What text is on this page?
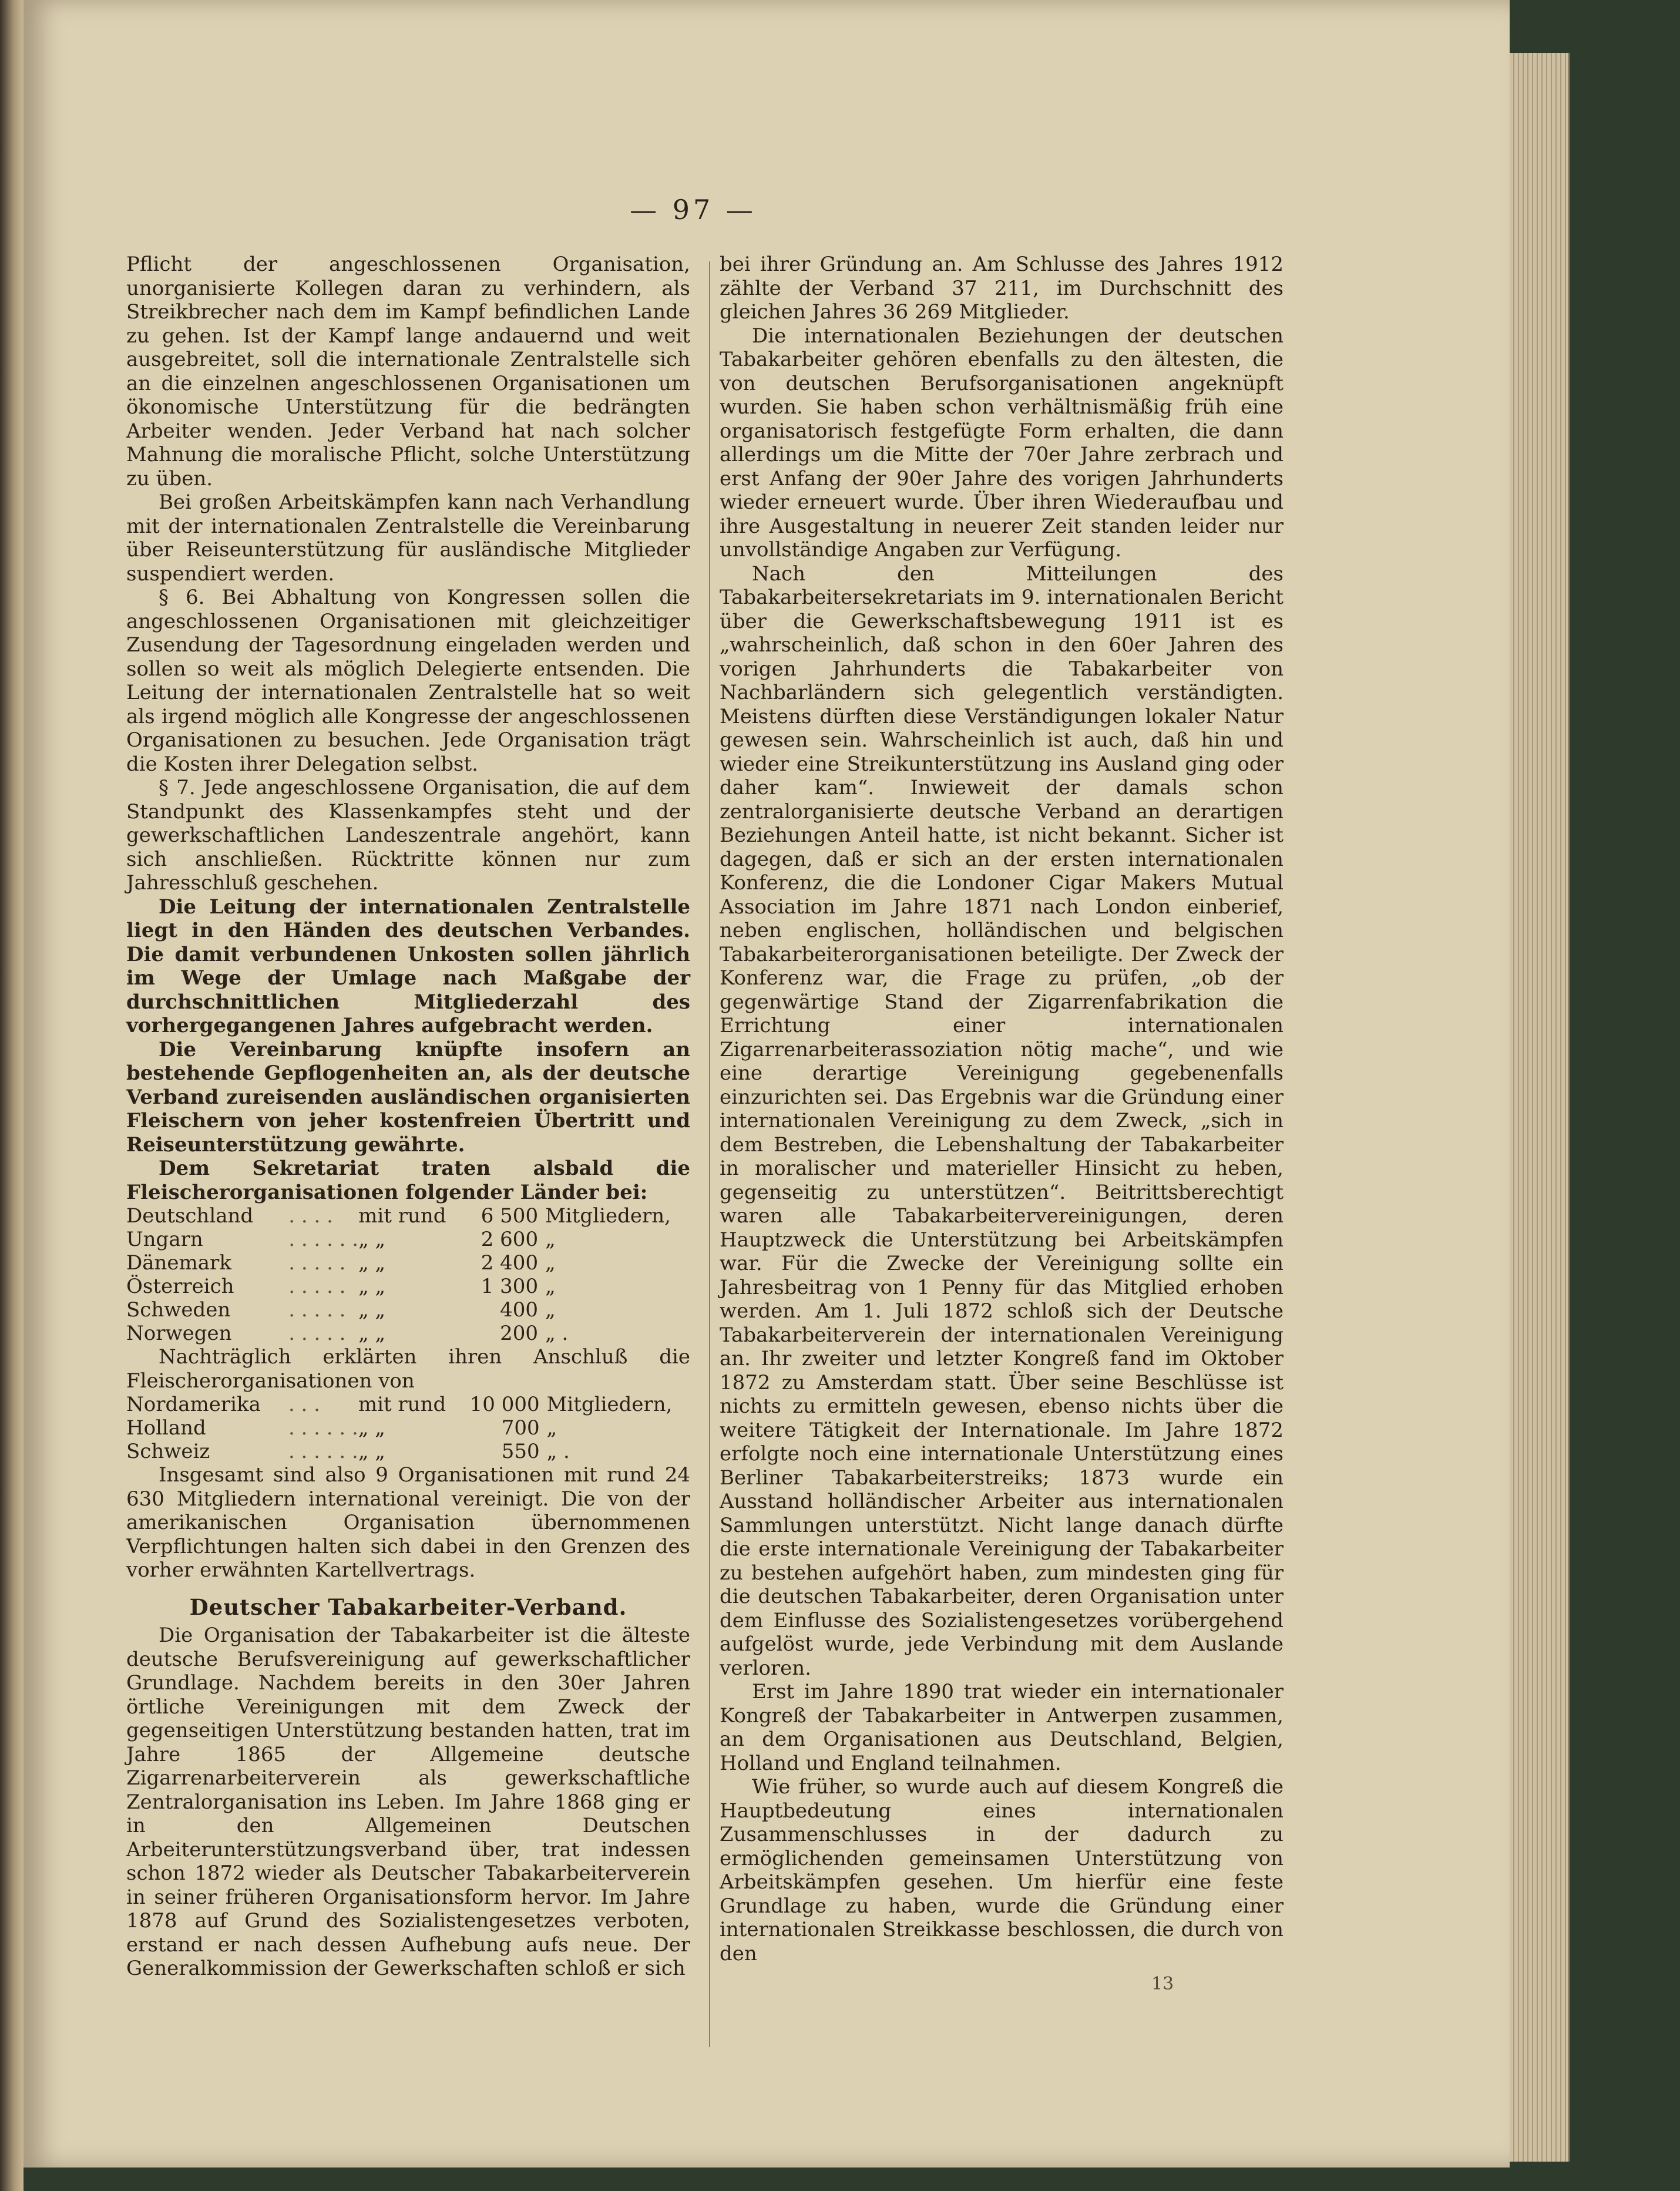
— 97 —

Pflicht der angeschlossenen Organisation, unorganisierte Kollegen daran zu verhindern, als Streikbrecher nach dem im Kampf befindlichen Lande zu gehen. Ist der Kampf lange andauernd und weit ausgebreitet, soll die internationale Zentralstelle sich an die einzelnen angeschlossenen Organisationen um ökonomische Unterstützung für die bedrängten Arbeiter wenden. Jeder Verband hat nach solcher Mahnung die moralische Pflicht, solche Unterstützung zu üben.

Bei großen Arbeitskämpfen kann nach Verhandlung mit der internationalen Zentralstelle die Vereinbarung über Reiseunterstützung für ausländische Mitglieder suspendiert werden.

§ 6. Bei Abhaltung von Kongressen sollen die angeschlossenen Organisationen mit gleichzeitiger Zusendung der Tagesordnung eingeladen werden und sollen so weit als möglich Delegierte entsenden. Die Leitung der internationalen Zentralstelle hat so weit als irgend möglich alle Kongresse der angeschlossenen Organisationen zu besuchen. Jede Organisation trägt die Kosten ihrer Delegation selbst.

§ 7. Jede angeschlossene Organisation, die auf dem Standpunkt des Klassenkampfes steht und der gewerkschaftlichen Landeszentrale angehört, kann sich anschließen. Rücktritte können nur zum Jahresschluß geschehen.

Die Leitung der internationalen Zentralstelle liegt in den Händen des deutschen Verbandes. Die damit verbundenen Unkosten sollen jährlich im Wege der Umlage nach Maßgabe der durchschnittlichen Mitgliederzahl des vorhergegangenen Jahres aufgebracht werden.

Die Vereinbarung knüpfte insofern an bestehende Gepflogenheiten an, als der deutsche Verband zureisenden ausländischen organisierten Fleischern von jeher kostenfreien Übertritt und Reiseunterstützung gewährte.

Dem Sekretariat traten alsbald die Fleischerorganisationen folgender Länder bei:

Deutschland	. . . .	mit rund	6 500	Mitgliedern,
Ungarn	. . . . . .	„ „	2 600	„
Dänemark	. . . . .	„ „	2 400	„
Österreich	. . . . .	„ „	1 300	„
Schweden	. . . . .	„ „	400	„
Norwegen	. . . . .	„ „	200	„ .

Nachträglich erklärten ihren Anschluß die Fleischerorganisationen von

Nordamerika	. . .	mit rund	10 000	Mitgliedern,
Holland	. . . . . .	„ „	700	„
Schweiz	. . . . . .	„ „	550	„ .

Insgesamt sind also 9 Organisationen mit rund 24 630 Mitgliedern international vereinigt. Die von der amerikanischen Organisation übernommenen Verpflichtungen halten sich dabei in den Grenzen des vorher erwähnten Kartellvertrags.

Deutscher Tabakarbeiter-Verband.

Die Organisation der Tabakarbeiter ist die älteste deutsche Berufsvereinigung auf gewerkschaftlicher Grundlage. Nachdem bereits in den 30er Jahren örtliche Vereinigungen mit dem Zweck der gegenseitigen Unterstützung bestanden hatten, trat im Jahre 1865 der Allgemeine deutsche Zigarrenarbeiterverein als gewerkschaftliche Zentralorganisation ins Leben. Im Jahre 1868 ging er in den Allgemeinen Deutschen Arbeiterunterstützungsverband über, trat indessen schon 1872 wieder als Deutscher Tabakarbeiterverein in seiner früheren Organisationsform hervor. Im Jahre 1878 auf Grund des Sozialistengesetzes verboten, erstand er nach dessen Aufhebung aufs neue. Der Generalkommission der Gewerkschaften schloß er sich

bei ihrer Gründung an. Am Schlusse des Jahres 1912 zählte der Verband 37 211, im Durchschnitt des gleichen Jahres 36 269 Mitglieder.

Die internationalen Beziehungen der deutschen Tabakarbeiter gehören ebenfalls zu den ältesten, die von deutschen Berufsorganisationen angeknüpft wurden. Sie haben schon verhältnismäßig früh eine organisatorisch festgefügte Form erhalten, die dann allerdings um die Mitte der 70er Jahre zerbrach und erst Anfang der 90er Jahre des vorigen Jahrhunderts wieder erneuert wurde. Über ihren Wiederaufbau und ihre Ausgestaltung in neuerer Zeit standen leider nur unvollständige Angaben zur Verfügung.

Nach den Mitteilungen des Tabakarbeitersekretariats im 9. internationalen Bericht über die Gewerkschaftsbewegung 1911 ist es „wahrscheinlich, daß schon in den 60er Jahren des vorigen Jahrhunderts die Tabakarbeiter von Nachbarländern sich gelegentlich verständigten. Meistens dürften diese Verständigungen lokaler Natur gewesen sein. Wahrscheinlich ist auch, daß hin und wieder eine Streikunterstützung ins Ausland ging oder daher kam“. Inwieweit der damals schon zentralorganisierte deutsche Verband an derartigen Beziehungen Anteil hatte, ist nicht bekannt. Sicher ist dagegen, daß er sich an der ersten internationalen Konferenz, die die Londoner Cigar Makers Mutual Association im Jahre 1871 nach London einberief, neben englischen, holländischen und belgischen Tabakarbeiterorganisationen beteiligte. Der Zweck der Konferenz war, die Frage zu prüfen, „ob der gegenwärtige Stand der Zigarrenfabrikation die Errichtung einer internationalen Zigarrenarbeiterassoziation nötig mache“, und wie eine derartige Vereinigung gegebenenfalls einzurichten sei. Das Ergebnis war die Gründung einer internationalen Vereinigung zu dem Zweck, „sich in dem Bestreben, die Lebenshaltung der Tabakarbeiter in moralischer und materieller Hinsicht zu heben, gegenseitig zu unterstützen“. Beitrittsberechtigt waren alle Tabakarbeitervereinigungen, deren Hauptzweck die Unterstützung bei Arbeitskämpfen war. Für die Zwecke der Vereinigung sollte ein Jahresbeitrag von 1 Penny für das Mitglied erhoben werden. Am 1. Juli 1872 schloß sich der Deutsche Tabakarbeiterverein der internationalen Vereinigung an. Ihr zweiter und letzter Kongreß fand im Oktober 1872 zu Amsterdam statt. Über seine Beschlüsse ist nichts zu ermitteln gewesen, ebenso nichts über die weitere Tätigkeit der Internationale. Im Jahre 1872 erfolgte noch eine internationale Unterstützung eines Berliner Tabakarbeiterstreiks; 1873 wurde ein Ausstand holländischer Arbeiter aus internationalen Sammlungen unterstützt. Nicht lange danach dürfte die erste internationale Vereinigung der Tabakarbeiter zu bestehen aufgehört haben, zum mindesten ging für die deutschen Tabakarbeiter, deren Organisation unter dem Einflusse des Sozialistengesetzes vorübergehend aufgelöst wurde, jede Verbindung mit dem Auslande verloren.

Erst im Jahre 1890 trat wieder ein internationaler Kongreß der Tabakarbeiter in Antwerpen zusammen, an dem Organisationen aus Deutschland, Belgien, Holland und England teilnahmen.

Wie früher, so wurde auch auf diesem Kongreß die Hauptbedeutung eines internationalen Zusammenschlusses in der dadurch zu ermöglichenden gemeinsamen Unterstützung von Arbeitskämpfen gesehen. Um hierfür eine feste Grundlage zu haben, wurde die Gründung einer internationalen Streikkasse beschlossen, die durch von den

13
